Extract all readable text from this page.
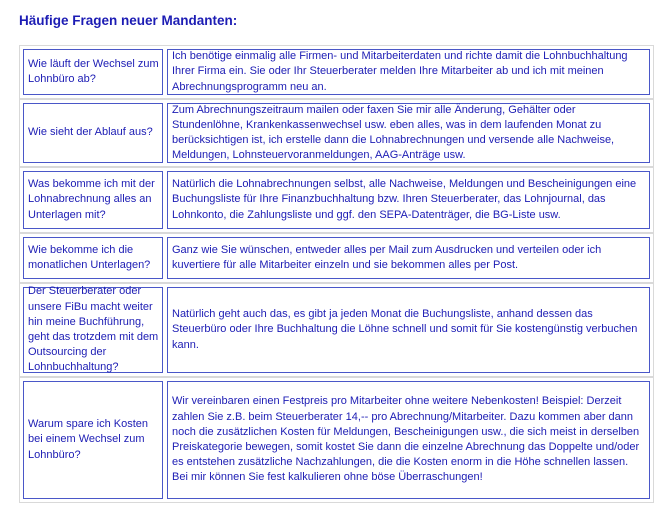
Häufige Fragen neuer Mandanten:
Wie läuft der Wechsel zum Lohnbüro ab?
Ich benötige einmalig alle Firmen- und Mitarbeiterdaten und richte damit die Lohnbuchhaltung Ihrer Firma ein. Sie oder Ihr Steuerberater melden Ihre Mitarbeiter ab und ich mit meinen Abrechnungsprogramm neu an.
Wie sieht der Ablauf aus?
Zum Abrechnungszeitraum mailen oder faxen Sie mir alle Änderung, Gehälter oder Stundenlöhne, Krankenkassenwechsel usw. eben alles, was in dem laufenden Monat zu berücksichtigen ist, ich erstelle dann die Lohnabrechnungen und versende alle Nachweise, Meldungen, Lohnsteuervoranmeldungen, AAG-Anträge usw.
Was bekomme ich mit der Lohnabrechnung alles an Unterlagen mit?
Natürlich die Lohnabrechnungen selbst, alle Nachweise, Meldungen und Bescheinigungen eine Buchungsliste für Ihre Finanzbuchhaltung bzw. Ihren Steuerberater, das Lohnjournal, das Lohnkonto, die Zahlungsliste und ggf. den SEPA-Datenträger, die BG-Liste usw.
Wie bekomme ich die monatlichen Unterlagen?
Ganz wie Sie wünschen, entweder alles per Mail zum Ausdrucken und verteilen oder ich kuvertiere für alle Mitarbeiter einzeln und sie bekommen alles per Post.
Der Steuerberater oder unsere FiBu macht weiter hin meine Buchführung, geht das trotzdem mit dem Outsourcing der Lohnbuchhaltung?
Natürlich geht auch das, es gibt ja jeden Monat die Buchungsliste, anhand dessen das Steuerbüro oder Ihre Buchhaltung die Löhne schnell und somit für Sie kostengünstig verbuchen kann.
Warum spare ich Kosten bei einem Wechsel zum Lohnbüro?
Wir vereinbaren einen Festpreis pro Mitarbeiter ohne weitere Nebenkosten! Beispiel: Derzeit zahlen Sie z.B. beim Steuerberater 14,-- pro Abrechnung/Mitarbeiter. Dazu kommen aber dann noch die zusätzlichen Kosten für Meldungen, Bescheinigungen usw., die sich meist in derselben Preiskategorie bewegen, somit kostet Sie dann die einzelne Abrechnung das Doppelte und/oder es entstehen zusätzliche Nachzahlungen, die die Kosten enorm in die Höhe schnellen lassen. Bei mir können Sie fest kalkulieren ohne böse Überraschungen!
